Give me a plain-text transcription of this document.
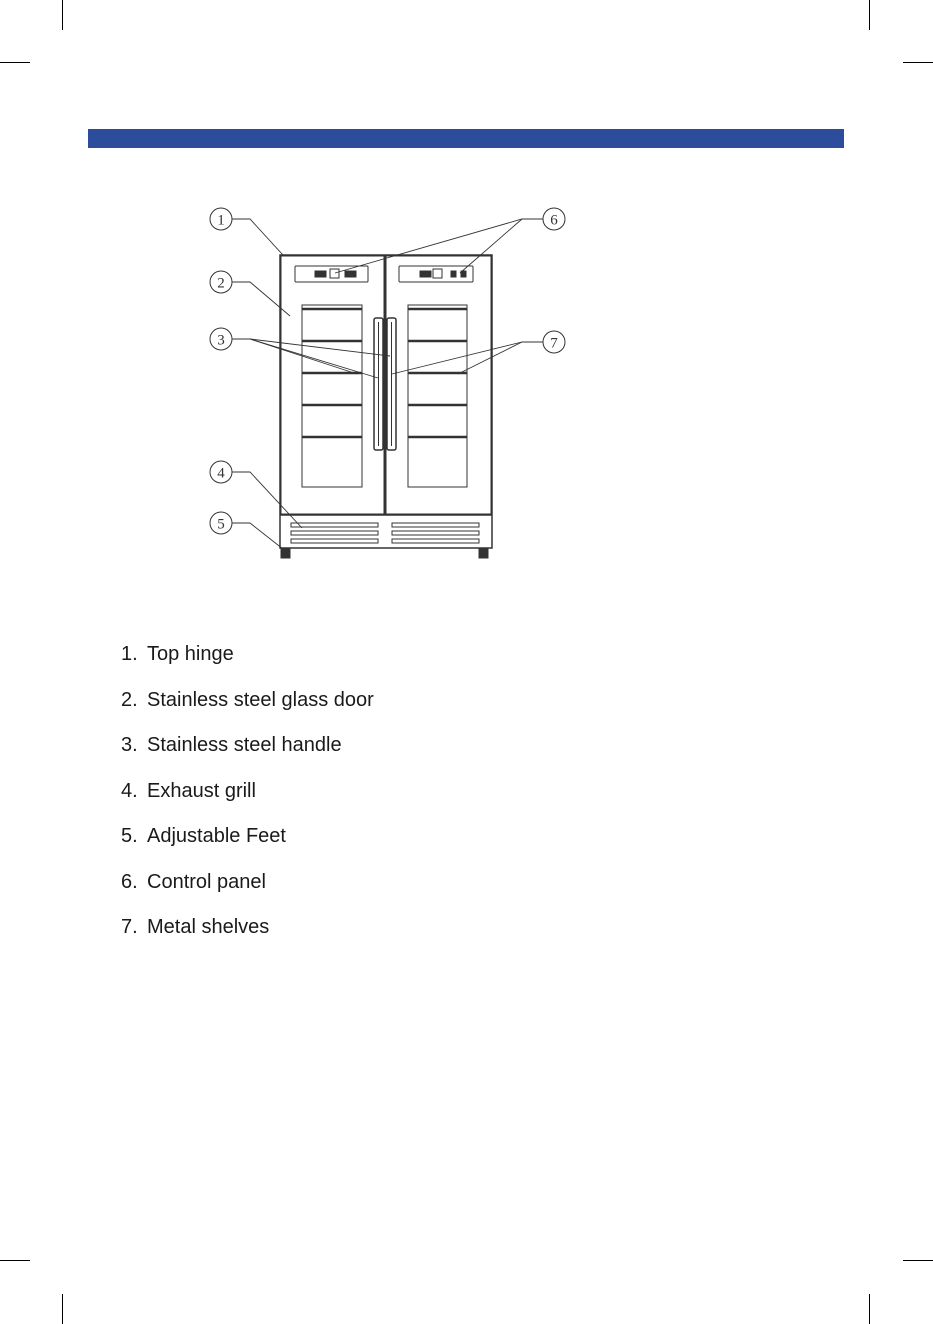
1
2
3
4
5
6
7
1. Top hinge
2. Stainless steel glass door
3. Stainless steel handle
4. Exhaust grill
5. Adjustable Feet
6. Control panel
7. Metal shelves
